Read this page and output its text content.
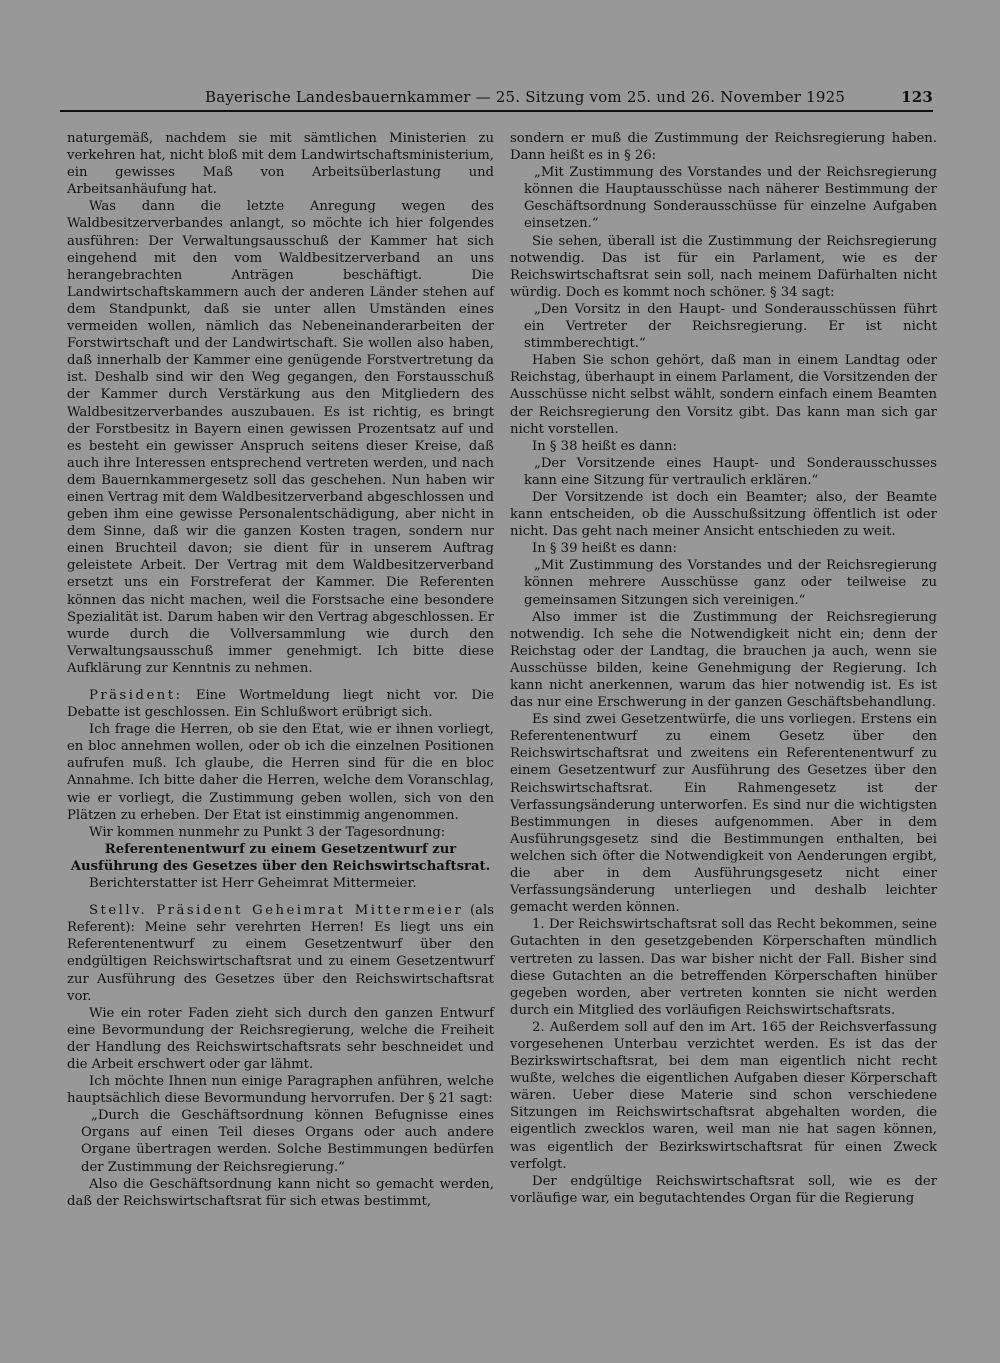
Bayerische Landesbauernkammer — 25. Sitzung vom 25. und 26. November 1925	123

naturgemäß, nachdem sie mit sämtlichen Ministerien zu verkehren hat, nicht bloß mit dem Landwirtschaftsministerium, ein gewisses Maß von Arbeitsüberlastung und Arbeitsanhäufung hat.

Was dann die letzte Anregung wegen des Waldbesitzerverbandes anlangt, so möchte ich hier folgendes ausführen: Der Verwaltungsausschuß der Kammer hat sich eingehend mit den vom Waldbesitzerverband an uns herangebrachten Anträgen beschäftigt. Die Landwirtschaftskammern auch der anderen Länder stehen auf dem Standpunkt, daß sie unter allen Umständen eines vermeiden wollen, nämlich das Nebeneinanderarbeiten der Forstwirtschaft und der Landwirtschaft. Sie wollen also haben, daß innerhalb der Kammer eine genügende Forstvertretung da ist. Deshalb sind wir den Weg gegangen, den Forstausschuß der Kammer durch Verstärkung aus den Mitgliedern des Waldbesitzerverbandes auszubauen. Es ist richtig, es bringt der Forstbesitz in Bayern einen gewissen Prozentsatz auf und es besteht ein gewisser Anspruch seitens dieser Kreise, daß auch ihre Interessen entsprechend vertreten werden, und nach dem Bauernkammergesetz soll das geschehen. Nun haben wir einen Vertrag mit dem Waldbesitzerverband abgeschlossen und geben ihm eine gewisse Personalentschädigung, aber nicht in dem Sinne, daß wir die ganzen Kosten tragen, sondern nur einen Bruchteil davon; sie dient für in unserem Auftrag geleistete Arbeit. Der Vertrag mit dem Waldbesitzerverband ersetzt uns ein Forstreferat der Kammer. Die Referenten können das nicht machen, weil die Forstsache eine besondere Spezialität ist. Darum haben wir den Vertrag abgeschlossen. Er wurde durch die Vollversammlung wie durch den Verwaltungsausschuß immer genehmigt. Ich bitte diese Aufklärung zur Kenntnis zu nehmen.

Präsident: Eine Wortmeldung liegt nicht vor. Die Debatte ist geschlossen. Ein Schlußwort erübrigt sich.

Ich frage die Herren, ob sie den Etat, wie er ihnen vorliegt, en bloc annehmen wollen, oder ob ich die einzelnen Positionen aufrufen muß. Ich glaube, die Herren sind für die en bloc Annahme. Ich bitte daher die Herren, welche dem Voranschlag, wie er vorliegt, die Zustimmung geben wollen, sich von den Plätzen zu erheben. Der Etat ist einstimmig angenommen.

Wir kommen nunmehr zu Punkt 3 der Tagesordnung:

Referentenentwurf zu einem Gesetzentwurf zur Ausführung des Gesetzes über den Reichswirtschaftsrat.

Berichterstatter ist Herr Geheimrat Mittermeier.

Stellv. Präsident Geheimrat Mittermeier (als Referent): Meine sehr verehrten Herren! Es liegt uns ein Referentenentwurf zu einem Gesetzentwurf über den endgültigen Reichswirtschaftsrat und zu einem Gesetzentwurf zur Ausführung des Gesetzes über den Reichswirtschaftsrat vor.

Wie ein roter Faden zieht sich durch den ganzen Entwurf eine Bevormundung der Reichsregierung, welche die Freiheit der Handlung des Reichswirtschaftsrats sehr beschneidet und die Arbeit erschwert oder gar lähmt.

Ich möchte Ihnen nun einige Paragraphen anführen, welche hauptsächlich diese Bevormundung hervorrufen. Der § 21 sagt:

„Durch die Geschäftsordnung können Befugnisse eines Organs auf einen Teil dieses Organs oder auch andere Organe übertragen werden. Solche Bestimmungen bedürfen der Zustimmung der Reichsregierung.“

Also die Geschäftsordnung kann nicht so gemacht werden, daß der Reichswirtschaftsrat für sich etwas bestimmt,

sondern er muß die Zustimmung der Reichsregierung haben. Dann heißt es in § 26:

„Mit Zustimmung des Vorstandes und der Reichsregierung können die Hauptausschüsse nach näherer Bestimmung der Geschäftsordnung Sonderausschüsse für einzelne Aufgaben einsetzen.“

Sie sehen, überall ist die Zustimmung der Reichsregierung notwendig. Das ist für ein Parlament, wie es der Reichswirtschaftsrat sein soll, nach meinem Dafürhalten nicht würdig. Doch es kommt noch schöner. § 34 sagt:

„Den Vorsitz in den Haupt- und Sonderausschüssen führt ein Vertreter der Reichsregierung. Er ist nicht stimmberechtigt.“

Haben Sie schon gehört, daß man in einem Landtag oder Reichstag, überhaupt in einem Parlament, die Vorsitzenden der Ausschüsse nicht selbst wählt, sondern einfach einem Beamten der Reichsregierung den Vorsitz gibt. Das kann man sich gar nicht vorstellen.

In § 38 heißt es dann:

„Der Vorsitzende eines Haupt- und Sonderausschusses kann eine Sitzung für vertraulich erklären.“

Der Vorsitzende ist doch ein Beamter; also, der Beamte kann entscheiden, ob die Ausschußsitzung öffentlich ist oder nicht. Das geht nach meiner Ansicht entschieden zu weit.

In § 39 heißt es dann:

„Mit Zustimmung des Vorstandes und der Reichsregierung können mehrere Ausschüsse ganz oder teilweise zu gemeinsamen Sitzungen sich vereinigen.“

Also immer ist die Zustimmung der Reichsregierung notwendig. Ich sehe die Notwendigkeit nicht ein; denn der Reichstag oder der Landtag, die brauchen ja auch, wenn sie Ausschüsse bilden, keine Genehmigung der Regierung. Ich kann nicht anerkennen, warum das hier notwendig ist. Es ist das nur eine Erschwerung in der ganzen Geschäftsbehandlung.

Es sind zwei Gesetzentwürfe, die uns vorliegen. Erstens ein Referentenentwurf zu einem Gesetz über den Reichswirtschaftsrat und zweitens ein Referentenentwurf zu einem Gesetzentwurf zur Ausführung des Gesetzes über den Reichswirtschaftsrat. Ein Rahmengesetz ist der Verfassungsänderung unterworfen. Es sind nur die wichtigsten Bestimmungen in dieses aufgenommen. Aber in dem Ausführungsgesetz sind die Bestimmungen enthalten, bei welchen sich öfter die Notwendigkeit von Aenderungen ergibt, die aber in dem Ausführungsgesetz nicht einer Verfassungsänderung unterliegen und deshalb leichter gemacht werden können.

1. Der Reichswirtschaftsrat soll das Recht bekommen, seine Gutachten in den gesetzgebenden Körperschaften mündlich vertreten zu lassen. Das war bisher nicht der Fall. Bisher sind diese Gutachten an die betreffenden Körperschaften hinüber gegeben worden, aber vertreten konnten sie nicht werden durch ein Mitglied des vorläufigen Reichswirtschaftsrats.

2. Außerdem soll auf den im Art. 165 der Reichsverfassung vorgesehenen Unterbau verzichtet werden. Es ist das der Bezirkswirtschaftsrat, bei dem man eigentlich nicht recht wußte, welches die eigentlichen Aufgaben dieser Körperschaft wären. Ueber diese Materie sind schon verschiedene Sitzungen im Reichswirtschaftsrat abgehalten worden, die eigentlich zwecklos waren, weil man nie hat sagen können, was eigentlich der Bezirkswirtschaftsrat für einen Zweck verfolgt.

Der endgültige Reichswirtschaftsrat soll, wie es der vorläufige war, ein begutachtendes Organ für die Regierung
